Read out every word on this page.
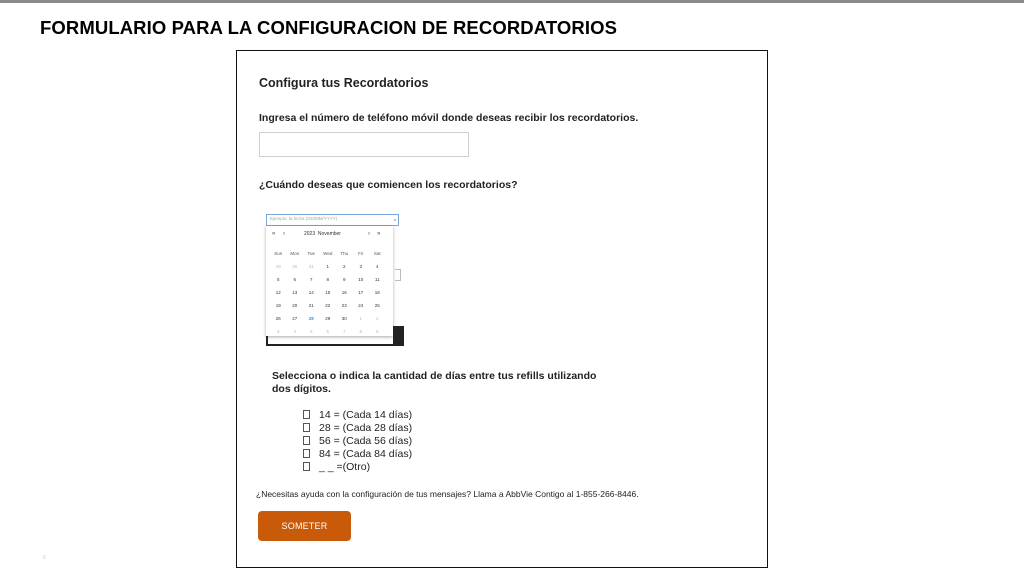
FORMULARIO PARA LA CONFIGURACION DE RECORDATORIOS
Configura tus Recordatorios
Ingresa el número de teléfono móvil donde deseas recibir los recordatorios.
¿Cuándo deseas que comiencen los recordatorios?
Ejemplo: la fecha (DD/MM/YYYY)	▫
« ‹	2023 November	› »
Sun	Mon	Tue	Wed	Thu	Fri	Sat
29	30	31	1	2	3	4
5	6	7	8	9	10	11
12	13	14	15	16	17	18
19	20	21	22	23	24	25
26	27	28	29	30	1	2
3	4	5	6	7	8	9
Selecciona o indica la cantidad de días entre tus refills utilizando
dos dígitos.
14 = (Cada 14 días)
28 = (Cada 28 días)
56 = (Cada 56 días)
84 = (Cada 84 días)
_ _ =(Otro)
¿Necesitas ayuda con la configuración de tus mensajes? Llama a AbbVie Contigo al 1-855-266-8446.
SOMETER
8
